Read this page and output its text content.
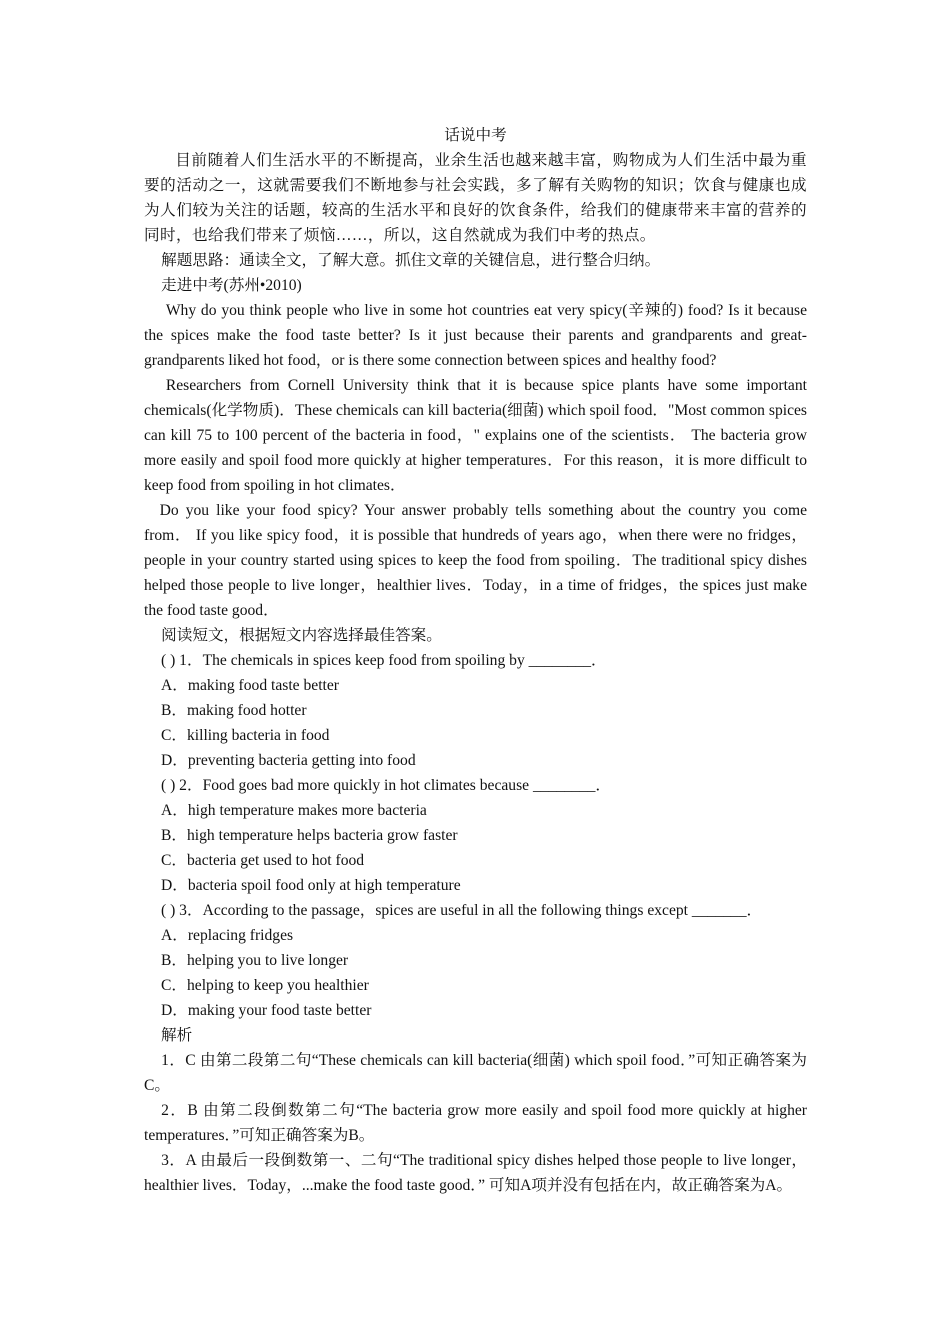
话说中考

目前随着人们生活水平的不断提高，业余生活也越来越丰富，购物成为人们生活中最为重要的活动之一，这就需要我们不断地参与社会实践，多了解有关购物的知识；饮食与健康也成为人们较为关注的话题，较高的生活水平和良好的饮食条件，给我们的健康带来丰富的营养的同时，也给我们带来了烦恼……，所以，这自然就成为我们中考的热点。

解题思路：通读全文，了解大意。抓住文章的关键信息，进行整合归纳。

走进中考(苏州•2010)

Why do you think people who live in some hot countries eat very spicy(辛辣的) food? Is it because the spices make the food taste better? Is it just because their parents and grandparents and great-grandparents liked hot food，or is there some connection between spices and healthy food?

Researchers from Cornell University think that it is because spice plants have some important chemicals(化学物质)．These chemicals can kill bacteria(细菌) which spoil food．"Most common spices can kill 75 to 100 percent of the bacteria in food，" explains one of the scientists． The bacteria grow more easily and spoil food more quickly at higher temperatures．For this reason，it is more difficult to keep food from spoiling in hot climates．

Do you like your food spicy? Your answer probably tells something about the country you come from． If you like spicy food，it is possible that hundreds of years ago，when there were no fridges，people in your country started using spices to keep the food from spoiling．The traditional spicy dishes helped those people to live longer，healthier lives．Today，in a time of fridges，the spices just make the food taste good．

阅读短文，根据短文内容选择最佳答案。

( ) 1．The chemicals in spices keep food from spoiling by ________．

A．making food taste better

B．making food hotter

C．killing bacteria in food

D．preventing bacteria getting into food

( ) 2．Food goes bad more quickly in hot climates because ________．

A．high temperature makes more bacteria

B．high temperature helps bacteria grow faster

C．bacteria get used to hot food

D．bacteria spoil food only at high temperature

( ) 3．According to the passage，spices are useful in all the following things except _______．

A．replacing fridges

B．helping you to live longer

C．helping to keep you healthier

D．making your food taste better

解析

1．C 由第二段第二句“These chemicals can kill bacteria(细菌) which spoil food．”可知正确答案为C。

2．B 由第二段倒数第二句“The bacteria grow more easily and spoil food more quickly at higher temperatures．”可知正确答案为B。

3．A 由最后一段倒数第一、二句“The traditional spicy dishes helped those people to live longer，healthier lives．Today，...make the food taste good．” 可知A项并没有包括在内，故正确答案为A。
